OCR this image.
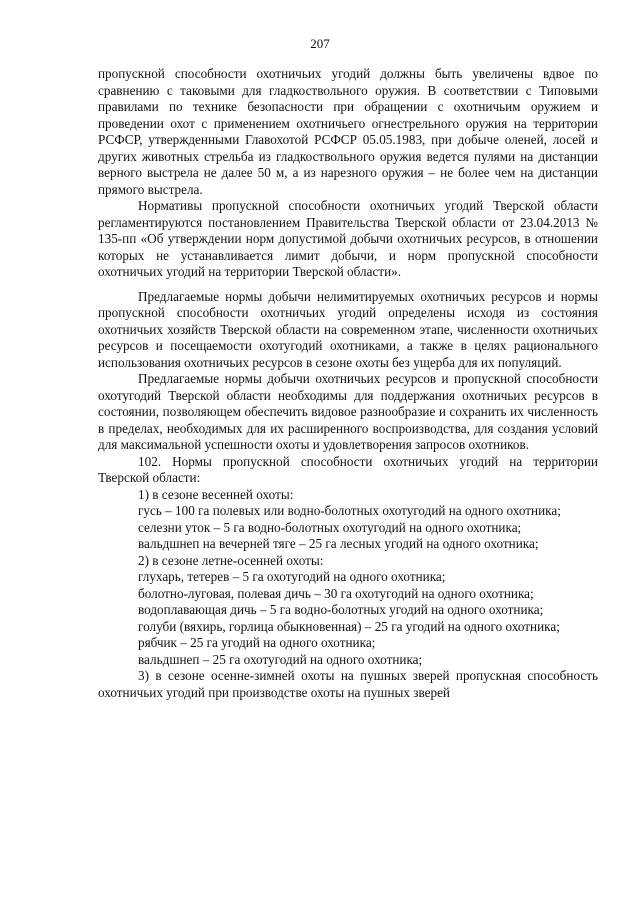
207

пропускной способности охотничьих угодий должны быть увеличены вдвое по сравнению с таковыми для гладкоствольного оружия. В соответствии с Типовыми правилами по технике безопасности при обращении с охотничьим оружием и проведении охот с применением охотничьего огнестрельного оружия на территории РСФСР, утвержденными Главохотой РСФСР 05.05.1983, при добыче оленей, лосей и других животных стрельба из гладкоствольного оружия ведется пулями на дистанции верного выстрела не далее 50 м, а из нарезного оружия – не более чем на дистанции прямого выстрела.

Нормативы пропускной способности охотничьих угодий Тверской области регламентируются постановлением Правительства Тверской области от 23.04.2013 № 135-пп «Об утверждении норм допустимой добычи охотничьих ресурсов, в отношении которых не устанавливается лимит добычи, и норм пропускной способности охотничьих угодий на территории Тверской области».

Предлагаемые нормы добычи нелимитируемых охотничьих ресурсов и нормы пропускной способности охотничьих угодий определены исходя из состояния охотничьих хозяйств Тверской области на современном этапе, численности охотничьих ресурсов и посещаемости охотугодий охотниками, а также в целях рационального использования охотничьих ресурсов в сезоне охоты без ущерба для их популяций.

Предлагаемые нормы добычи охотничьих ресурсов и пропускной способности охотугодий Тверской области необходимы для поддержания охотничьих ресурсов в состоянии, позволяющем обеспечить видовое разнообразие и сохранить их численность в пределах, необходимых для их расширенного воспроизводства, для создания условий для максимальной успешности охоты и удовлетворения запросов охотников.

102. Нормы пропускной способности охотничьих угодий на территории Тверской области:

1) в сезоне весенней охоты:

гусь – 100 га полевых или водно-болотных охотугодий на одного охотника;

селезни уток – 5 га водно-болотных охотугодий на одного охотника;

вальдшнеп на вечерней тяге – 25 га лесных угодий на одного охотника;

2) в сезоне летне-осенней охоты:

глухарь, тетерев – 5 га охотугодий на одного охотника;

болотно-луговая, полевая дичь – 30 га охотугодий на одного охотника;

водоплавающая дичь – 5 га водно-болотных угодий на одного охотника;

голуби (вяхирь, горлица обыкновенная) – 25 га угодий на одного охотника;

рябчик – 25 га угодий на одного охотника;

вальдшнеп – 25 га охотугодий на одного охотника;

3) в сезоне осенне-зимней охоты на пушных зверей пропускная способность охотничьих угодий при производстве охоты на пушных зверей
